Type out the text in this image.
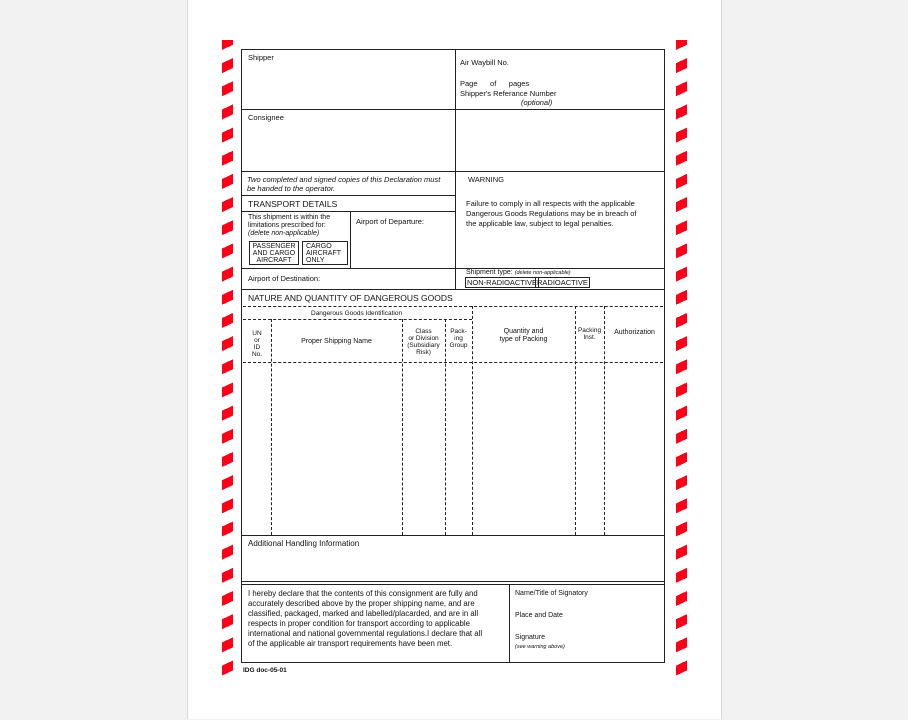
Shipper
Air Waybill No.
Page      of      pages
Shipper's Referance Number
(optional)
Consignee
Two completed and signed copies of this Declaration must
be handed to the operator.
WARNING
Failure to comply in all respects with the applicable
Dangerous Goods Regulations may be in breach of
the applicable law, subject to legal penalties.
TRANSPORT DETAILS
This shipment is within the
limitations prescribed for:
(delete non-applicable)
PASSENGER
AND CARGO
AIRCRAFT
CARGO
AIRCRAFT
ONLY
Airport of Departure:
Airport of Destination:
Shipment type: (delete non-applicable)
NON-RADIOACTIVE RADIOACTIVE
NATURE AND QUANTITY OF DANGEROUS GOODS
Dangerous Goods Identification
UN
or
ID
No.
Proper Shipping Name
Class
or Division
(Subsidiary
Risk)
Pack-
ing
Group
Quantity and
type of Packing
Packing
Inst.
Authorization
Additional Handling Information
I hereby declare that the contents of this consignment are fully and
accurately described above by the proper shipping name, and are
classified, packaged, marked and labelled/placarded, and are in all
respects in proper condition for transport according to applicable
international and national governmental regulations.I declare that all
of the applicable air transport requirements have been met.
Name/Title of Signatory
Place and Date
Signature
(see warning above)
IDG doc-05-01
